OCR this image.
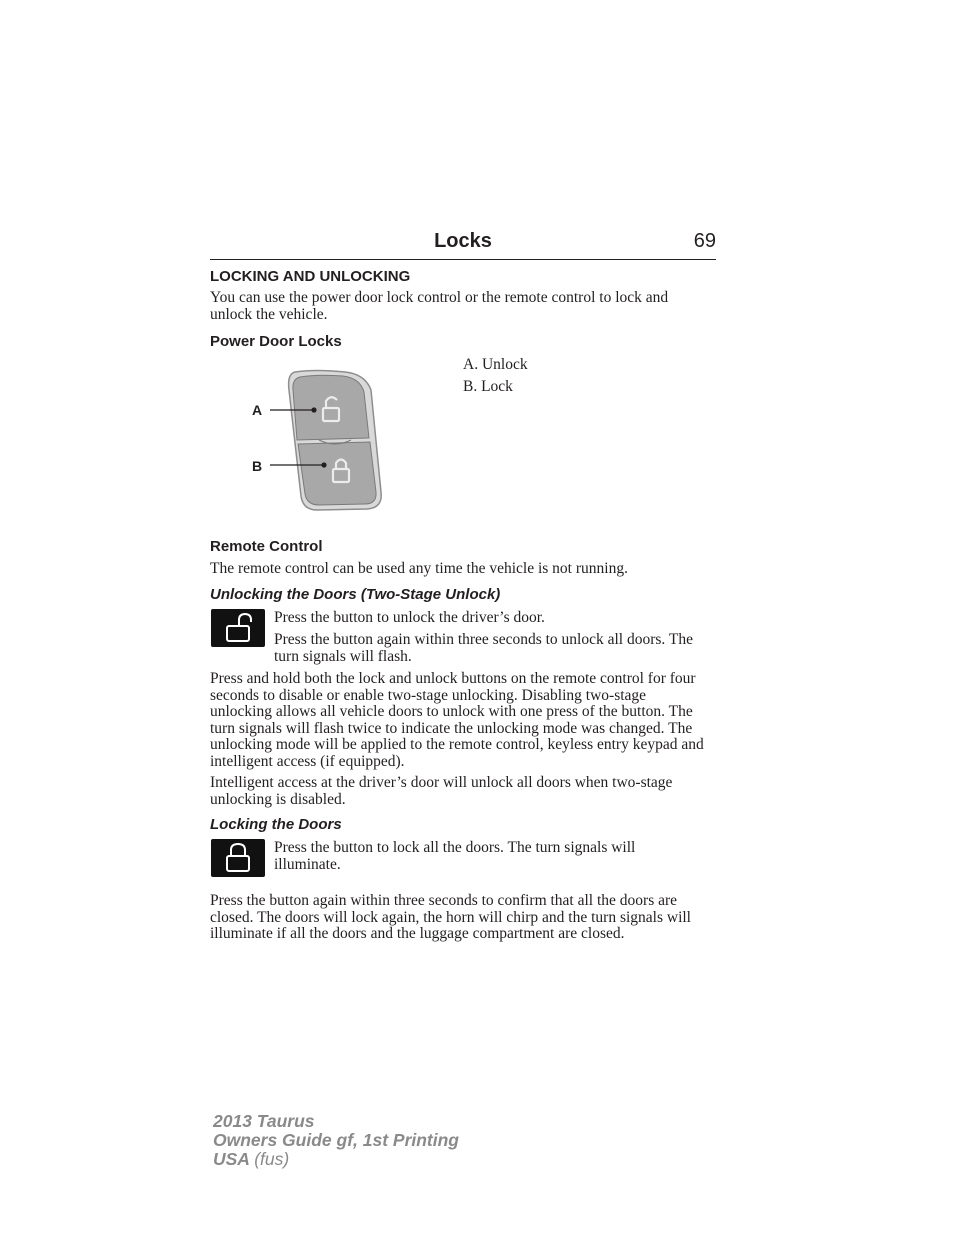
Locks	69
LOCKING AND UNLOCKING
You can use the power door lock control or the remote control to lock and unlock the vehicle.
Power Door Locks
A
B
A. Unlock
B. Lock
Remote Control
The remote control can be used any time the vehicle is not running.
Unlocking the Doors (Two-Stage Unlock)
Press the button to unlock the driver’s door.
Press the button again within three seconds to unlock all doors. The turn signals will flash.
Press and hold both the lock and unlock buttons on the remote control for four seconds to disable or enable two-stage unlocking. Disabling two-stage unlocking allows all vehicle doors to unlock with one press of the button. The turn signals will flash twice to indicate the unlocking mode was changed. The unlocking mode will be applied to the remote control, keyless entry keypad and intelligent access (if equipped).
Intelligent access at the driver’s door will unlock all doors when two-stage unlocking is disabled.
Locking the Doors
Press the button to lock all the doors. The turn signals will illuminate.
Press the button again within three seconds to confirm that all the doors are closed. The doors will lock again, the horn will chirp and the turn signals will illuminate if all the doors and the luggage compartment are closed.
2013 Taurus
Owners Guide gf, 1st Printing
USA (fus)
